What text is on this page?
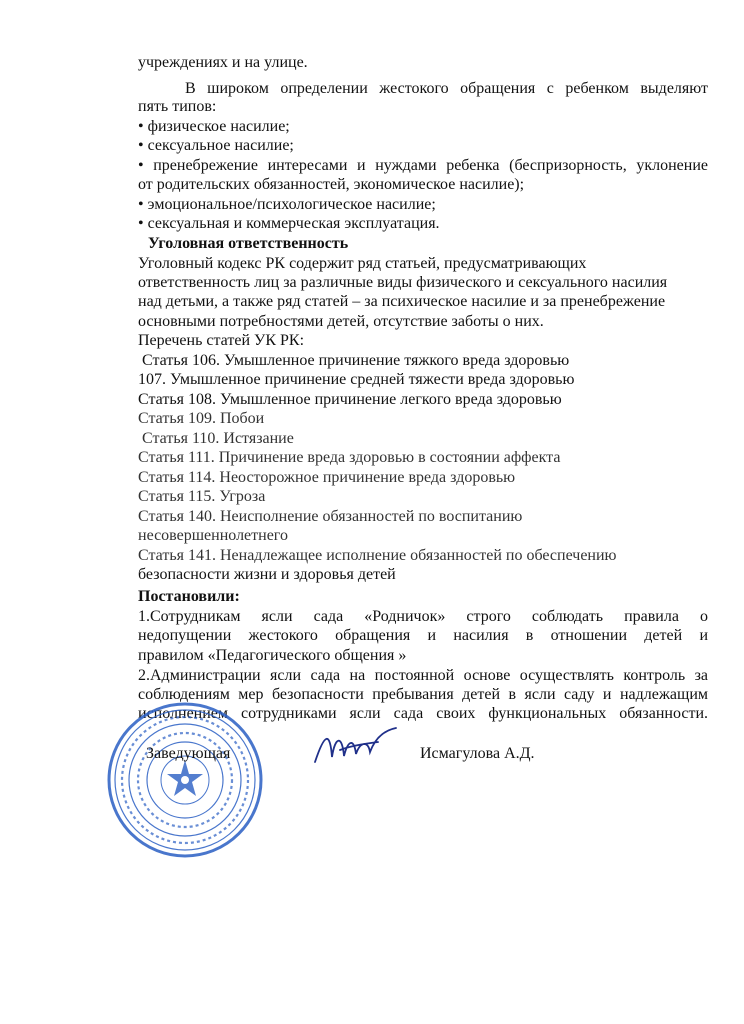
учреждениях и на улице.
В широком определении жестокого обращения с ребенком выделяют
пять типов:
• физическое насилие;
• сексуальное насилие;
• пренебрежение интересами и нуждами ребенка (беспризорность, уклонение
от родительских обязанностей, экономическое насилие);
• эмоциональное/психологическое насилие;
• сексуальная и коммерческая эксплуатация.
Уголовная ответственность
Уголовный кодекс РК содержит ряд статьей, предусматривающих
ответственность лиц за различные виды физического и сексуального насилия
над детьми, а также ряд статей – за психическое насилие и за пренебрежение
основными потребностями детей, отсутствие заботы о них.
Перечень статей УК РК:
Статья 106. Умышленное причинение тяжкого вреда здоровью
107. Умышленное причинение средней тяжести вреда здоровью
Статья 108. Умышленное причинение легкого вреда здоровью
Статья 109. Побои
Статья 110. Истязание
Статья 111. Причинение вреда здоровью в состоянии аффекта
Статья 114. Неосторожное причинение вреда здоровью
Статья 115. Угроза
Статья 140. Неисполнение обязанностей по воспитанию
несовершеннолетнего
Статья 141. Ненадлежащее исполнение обязанностей по обеспечению
безопасности жизни и здоровья детей
Постановили:
1.Сотрудникам ясли сада «Родничок» строго соблюдать правила о
недопущении жестокого обращения и насилия в отношении детей и
правилом «Педагогического общения »
2.Администрации ясли сада на постоянной основе осуществлять контроль за
соблюдениям мер безопасности пребывания детей в ясли саду и надлежащим
исполнением сотрудниками ясли сада своих функциональных обязанности.
Заведующая	Исмагулова А.Д.
